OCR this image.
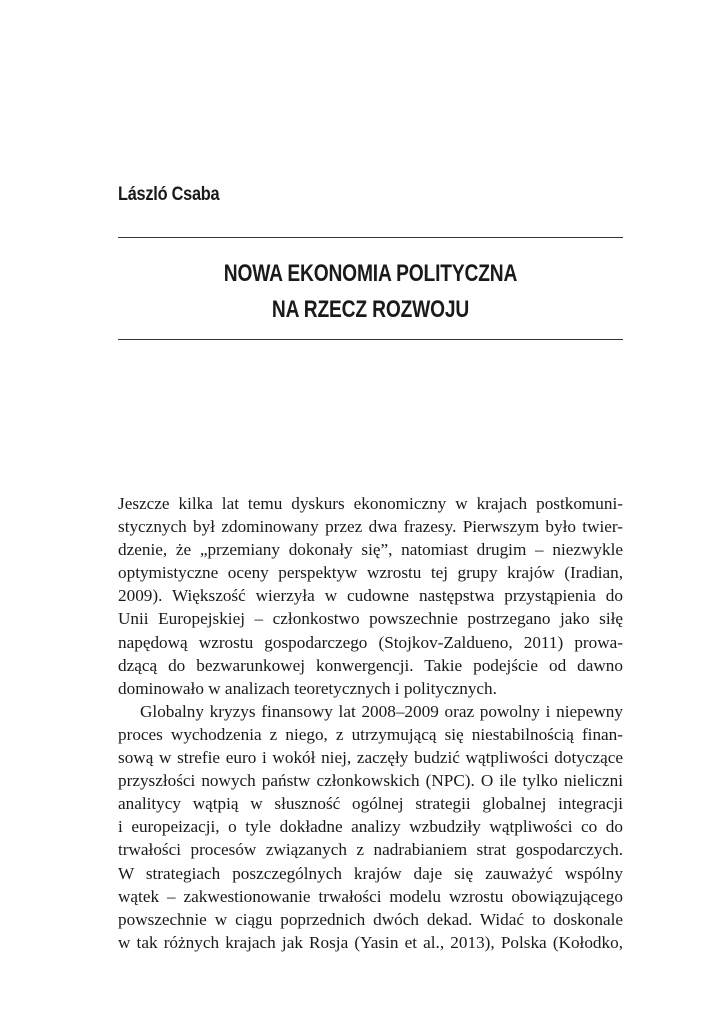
László Csaba
NOWA EKONOMIA POLITYCZNA
NA RZECZ ROZWOJU
Jeszcze kilka lat temu dyskurs ekonomiczny w krajach postkomuni-
stycznych był zdominowany przez dwa frazesy. Pierwszym było twier-
dzenie, że „przemiany dokonały się”, natomiast drugim – niezwykle
optymistyczne oceny perspektyw wzrostu tej grupy krajów (Iradian,
2009). Większość wierzyła w cudowne następstwa przystąpienia do
Unii Europejskiej – członkostwo powszechnie postrzegano jako siłę
napędową wzrostu gospodarczego (Stojkov-Zaldueno, 2011) prowa-
dzącą do bezwarunkowej konwergencji. Takie podejście od dawno
dominowało w analizach teoretycznych i politycznych.
Globalny kryzys finansowy lat 2008–2009 oraz powolny i niepewny
proces wychodzenia z niego, z utrzymującą się niestabilnością finan-
sową w strefie euro i wokół niej, zaczęły budzić wątpliwości dotyczące
przyszłości nowych państw członkowskich (NPC). O ile tylko nieliczni
analitycy wątpią w słuszność ogólnej strategii globalnej integracji
i europeizacji, o tyle dokładne analizy wzbudziły wątpliwości co do
trwałości procesów związanych z nadrabianiem strat gospodarczych.
W strategiach poszczególnych krajów daje się zauważyć wspólny
wątek – zakwestionowanie trwałości modelu wzrostu obowiązującego
powszechnie w ciągu poprzednich dwóch dekad. Widać to doskonale
w tak różnych krajach jak Rosja (Yasin et al., 2013), Polska (Kołodko,
